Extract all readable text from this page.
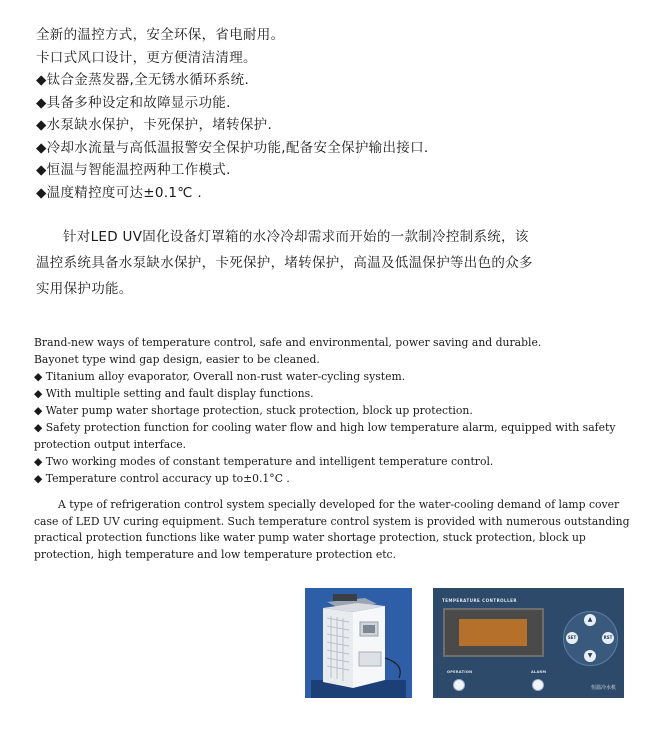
全新的温控方式，安全环保，省电耐用。
卡口式风口设计，更方便清洁清理。
◆钛合金蒸发器,全无锈水循环系统.
◆具备多种设定和故障显示功能.
◆水泵缺水保护，卡死保护，堵转保护.
◆冷却水流量与高低温报警安全保护功能,配备安全保护输出接口.
◆恒温与智能温控两种工作模式.
◆温度精控度可达±0.1℃ .
针对LED UV固化设备灯罩箱的水冷冷却需求而开始的一款制冷控制系统，该温控系统具备水泵缺水保护，卡死保护，堵转保护，高温及低温保护等出色的众多实用保护功能。
Brand-new ways of temperature control, safe and environmental, power saving and durable.
Bayonet type wind gap design, easier to be cleaned.
◆ Titanium alloy evaporator, Overall non-rust water-cycling system.
◆ With multiple setting and fault display functions.
◆ Water pump water shortage protection, stuck protection, block up protection.
◆ Safety protection function for cooling water flow and high low temperature alarm, equipped with safety protection output interface.
◆ Two working modes of constant temperature and intelligent temperature control.
◆ Temperature control accuracy up to±0.1°C .
A type of refrigeration control system specially developed for the water-cooling demand of lamp cover case of LED UV curing equipment. Such temperature control system is provided with numerous outstanding practical protection functions like water pump water shortage protection, stuck protection, block up protection, high temperature and low temperature protection etc.
TEMPERATURE CONTROLLER
▲
SET	RST
▼
OPERATION	ALARM
恒温冷水机
